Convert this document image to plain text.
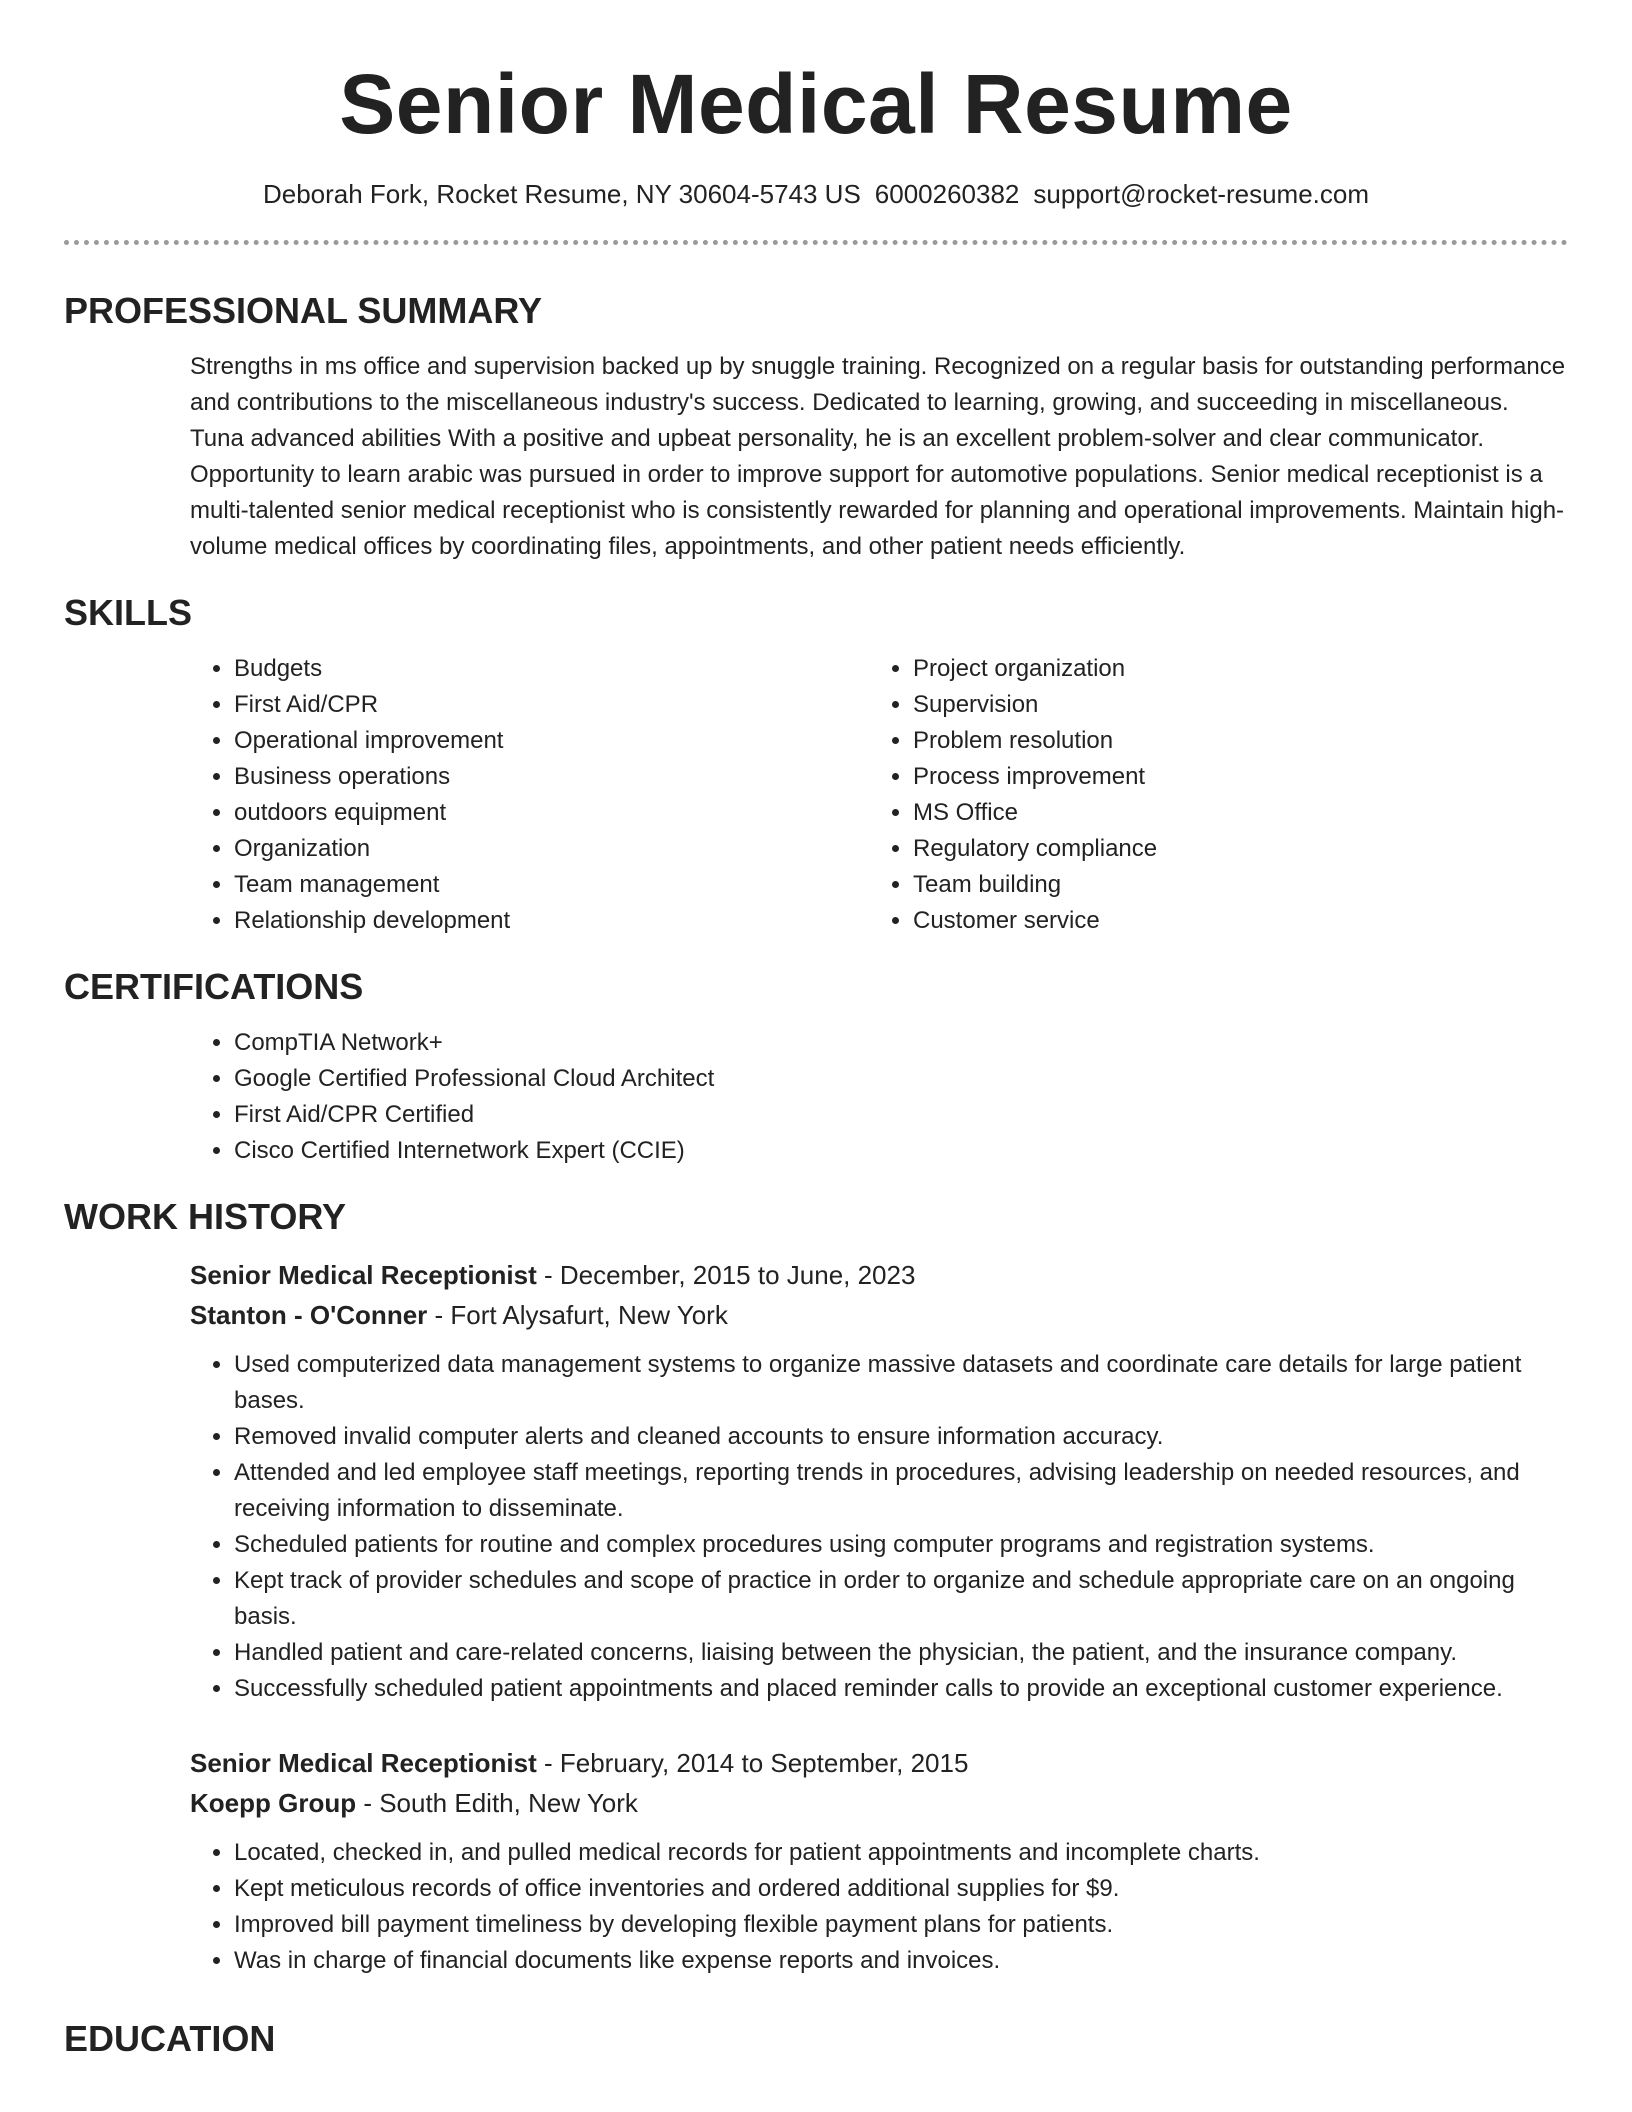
Senior Medical Resume
Deborah Fork, Rocket Resume, NY 30604-5743 US 6000260382 support@rocket-resume.com
PROFESSIONAL SUMMARY

Strengths in ms office and supervision backed up by snuggle training. Recognized on a regular basis for outstanding performance and contributions to the miscellaneous industry's success. Dedicated to learning, growing, and succeeding in miscellaneous. Tuna advanced abilities With a positive and upbeat personality, he is an excellent problem-solver and clear communicator. Opportunity to learn arabic was pursued in order to improve support for automotive populations. Senior medical receptionist is a multi-talented senior medical receptionist who is consistently rewarded for planning and operational improvements. Maintain high-volume medical offices by coordinating files, appointments, and other patient needs efficiently.

SKILLS
• Budgets
• First Aid/CPR
• Operational improvement
• Business operations
• outdoors equipment
• Organization
• Team management
• Relationship development
• Project organization
• Supervision
• Problem resolution
• Process improvement
• MS Office
• Regulatory compliance
• Team building
• Customer service
CERTIFICATIONS
• CompTIA Network+
• Google Certified Professional Cloud Architect
• First Aid/CPR Certified
• Cisco Certified Internetwork Expert (CCIE)
WORK HISTORY
Senior Medical Receptionist - December, 2015 to June, 2023
Stanton - O'Conner - Fort Alysafurt, New York
• Used computerized data management systems to organize massive datasets and coordinate care details for large patient bases.
• Removed invalid computer alerts and cleaned accounts to ensure information accuracy.
• Attended and led employee staff meetings, reporting trends in procedures, advising leadership on needed resources, and receiving information to disseminate.
• Scheduled patients for routine and complex procedures using computer programs and registration systems.
• Kept track of provider schedules and scope of practice in order to organize and schedule appropriate care on an ongoing basis.
• Handled patient and care-related concerns, liaising between the physician, the patient, and the insurance company.
• Successfully scheduled patient appointments and placed reminder calls to provide an exceptional customer experience.
Senior Medical Receptionist - February, 2014 to September, 2015
Koepp Group - South Edith, New York
• Located, checked in, and pulled medical records for patient appointments and incomplete charts.
• Kept meticulous records of office inventories and ordered additional supplies for $9.
• Improved bill payment timeliness by developing flexible payment plans for patients.
• Was in charge of financial documents like expense reports and invoices.
EDUCATION
